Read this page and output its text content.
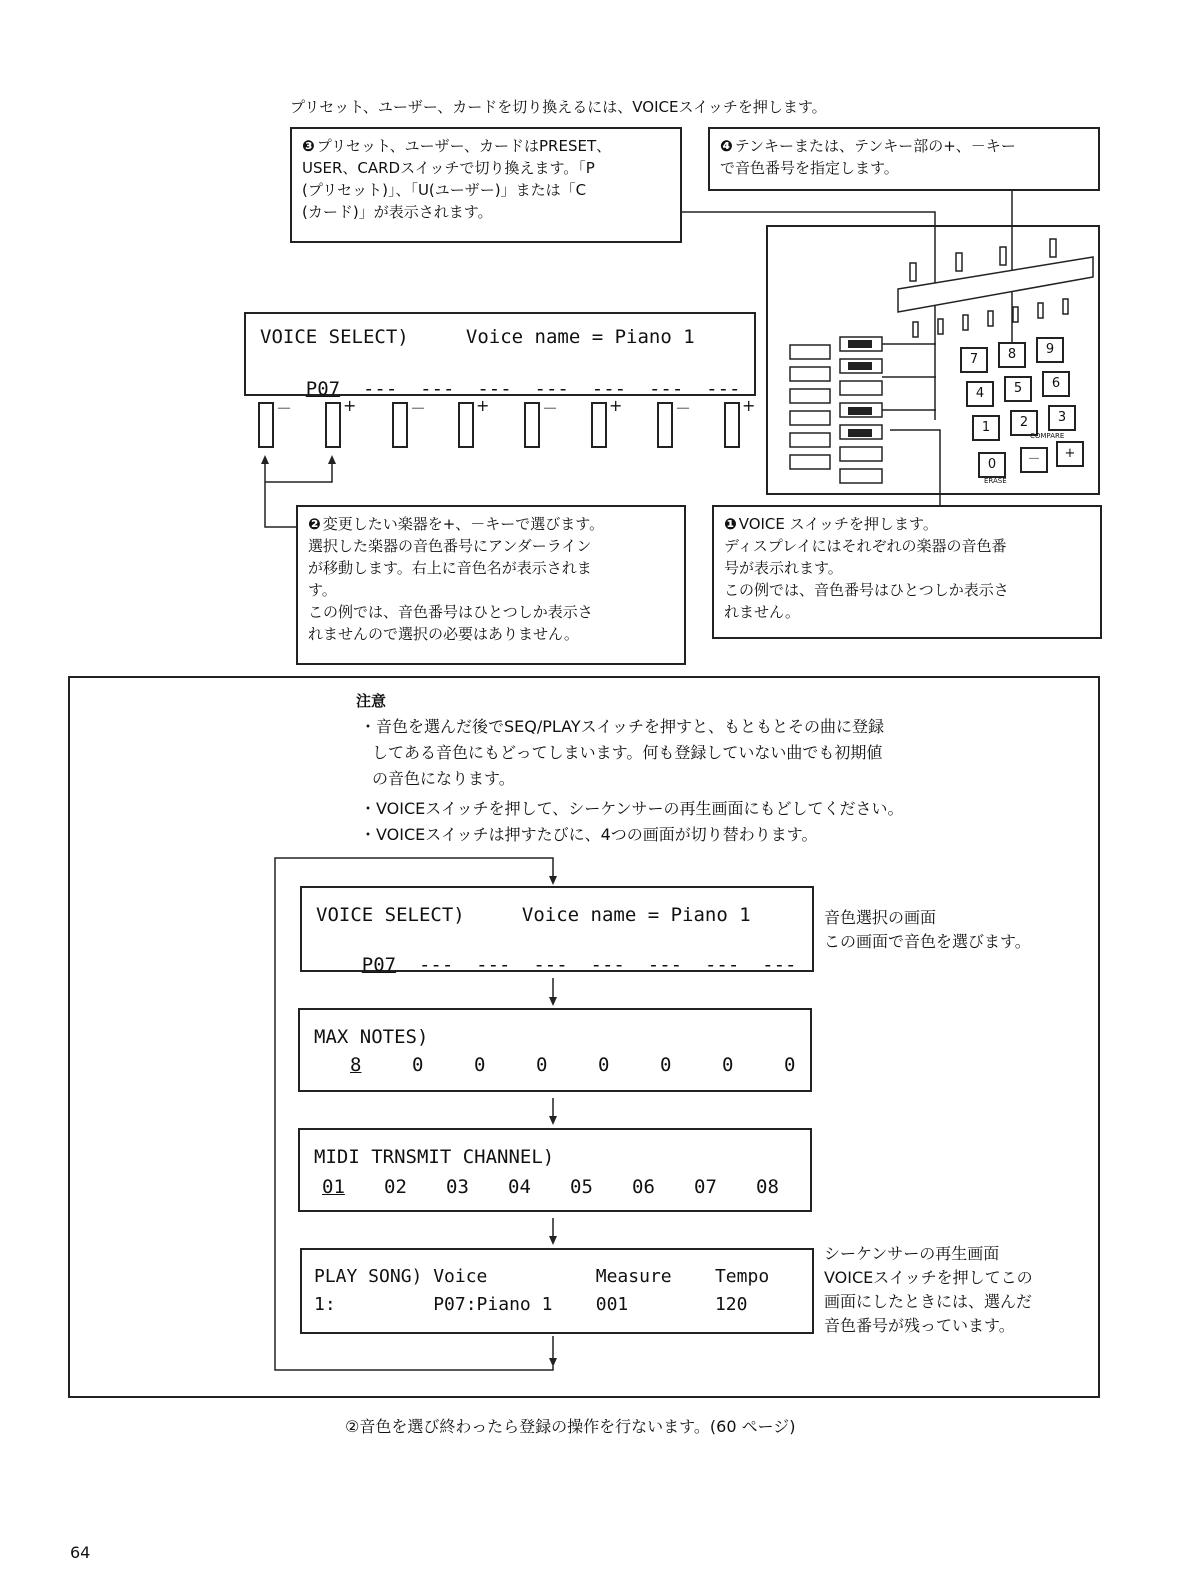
プリセット、ユーザー、カードを切り換えるには、VOICEスイッチを押します。
❸ プリセット、ユーザー、カードはPRESET、
USER、CARDスイッチで切り換えます。「P
(プリセット)」、「U(ユーザー)」または「C
(カード)」が表示されます。
❹ テンキーまたは、テンキー部の+、－キー
で音色番号を指定します。
7	8	9
4	5	6
1	2	3
0	－	+
COMPARE
ERASE
VOICE SELECT)     Voice name = Piano 1

P07  ---  ---  ---  ---  ---  ---  ---

－	+	－	+	－	+	－	+
❷ 変更したい楽器を+、－キーで選びます。
選択した楽器の音色番号にアンダーライン
が移動します。右上に音色名が表示されま
す。
この例では、音色番号はひとつしか表示さ
れませんので選択の必要はありません。
❶ VOICE スイッチを押します。
ディスプレイにはそれぞれの楽器の音色番
号が表示れます。
この例では、音色番号はひとつしか表示さ
れません。
注意
・音色を選んだ後でSEQ/PLAYスイッチを押すと、もともとその曲に登録
してある音色にもどってしまいます。何も登録していない曲でも初期値
の音色になります。
・VOICEスイッチを押して、シーケンサーの再生画面にもどしてください。
・VOICEスイッチは押すたびに、4つの画面が切り替わります。
VOICE SELECT)     Voice name = Piano 1

P07  ---  ---  ---  ---  ---  ---  ---

音色選択の画面
この画面で音色を選びます。
MAX NOTES)
8	0	0	0	0	0	0	0
MIDI TRNSMIT CHANNEL)
01 02 03 04 05 06 07 08
PLAY SONG) Voice          Measure    Tempo
1:         P07:Piano 1    001        120
シーケンサーの再生画面
VOICEスイッチを押してこの
画面にしたときには、選んだ
音色番号が残っています。
②音色を選び終わったら登録の操作を行ないます。(60 ページ)
64
